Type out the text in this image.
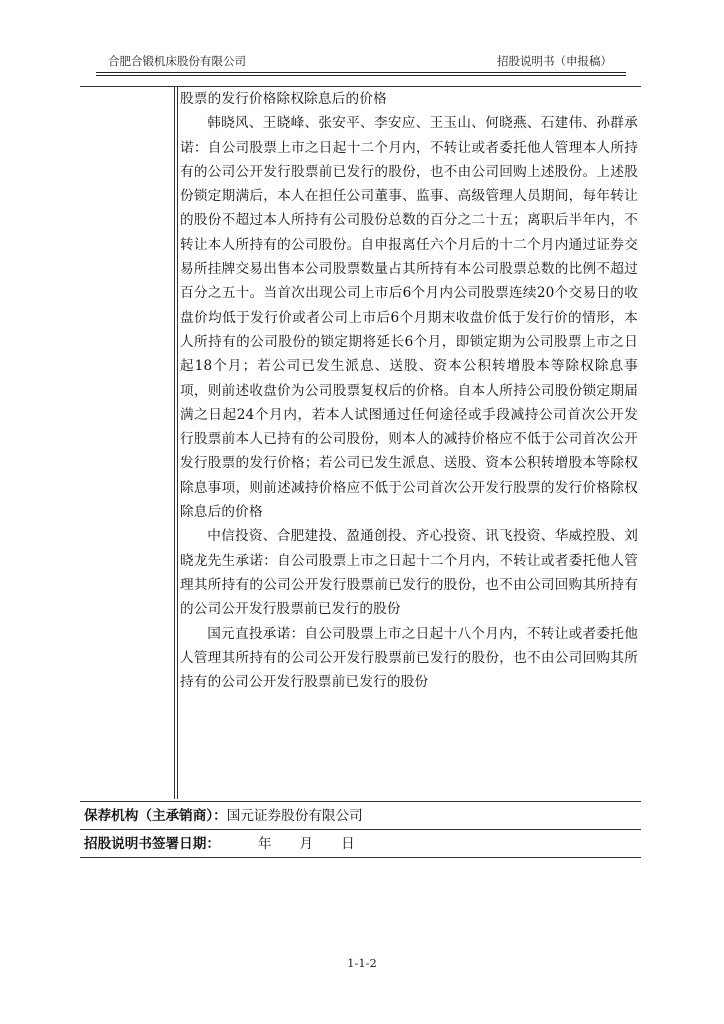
合肥合锻机床股份有限公司	招股说明书（申报稿）

股票的发行价格除权除息后的价格

韩晓风、王晓峰、张安平、李安应、王玉山、何晓燕、石建伟、孙群承诺：自公司股票上市之日起十二个月内，不转让或者委托他人管理本人所持有的公司公开发行股票前已发行的股份，也不由公司回购上述股份。上述股份锁定期满后，本人在担任公司董事、监事、高级管理人员期间，每年转让的股份不超过本人所持有公司股份总数的百分之二十五；离职后半年内，不转让本人所持有的公司股份。自申报离任六个月后的十二个月内通过证券交易所挂牌交易出售本公司股票数量占其所持有本公司股票总数的比例不超过百分之五十。当首次出现公司上市后6个月内公司股票连续20个交易日的收盘价均低于发行价或者公司上市后6个月期末收盘价低于发行价的情形，本人所持有的公司股份的锁定期将延长6个月，即锁定期为公司股票上市之日起18个月；若公司已发生派息、送股、资本公积转增股本等除权除息事项，则前述收盘价为公司股票复权后的价格。自本人所持公司股份锁定期届满之日起24个月内，若本人试图通过任何途径或手段减持公司首次公开发行股票前本人已持有的公司股份，则本人的减持价格应不低于公司首次公开发行股票的发行价格；若公司已发生派息、送股、资本公积转增股本等除权除息事项，则前述减持价格应不低于公司首次公开发行股票的发行价格除权除息后的价格

中信投资、合肥建投、盈通创投、齐心投资、讯飞投资、华威控股、刘晓龙先生承诺：自公司股票上市之日起十二个月内，不转让或者委托他人管理其所持有的公司公开发行股票前已发行的股份，也不由公司回购其所持有的公司公开发行股票前已发行的股份

国元直投承诺：自公司股票上市之日起十八个月内，不转让或者委托他人管理其所持有的公司公开发行股票前已发行的股份，也不由公司回购其所持有的公司公开发行股票前已发行的股份

保荐机构（主承销商）：国元证券股份有限公司
招股说明书签署日期：	年 月 日
1-1-2
